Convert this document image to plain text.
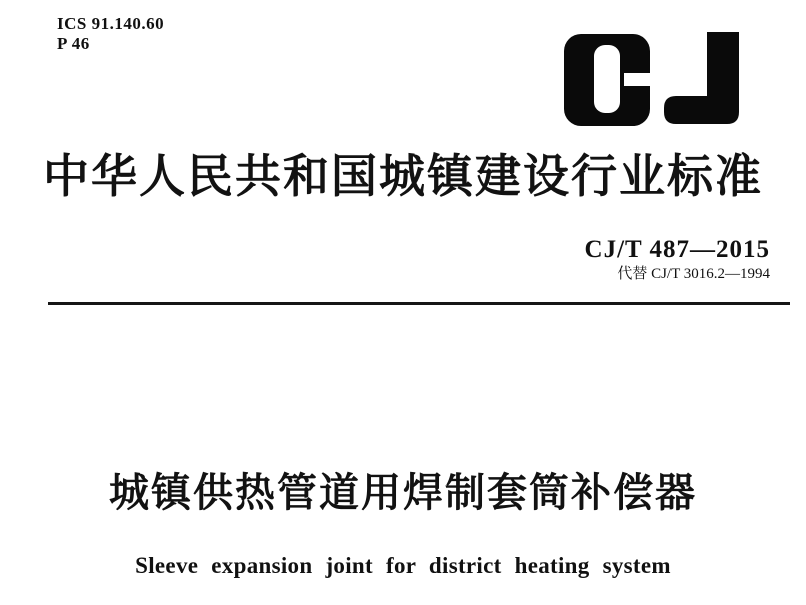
ICS 91.140.60
P 46
中华人民共和国城镇建设行业标准
CJ/T 487—2015
代替 CJ/T 3016.2—1994
城镇供热管道用焊制套筒补偿器
Sleeve expansion joint for district heating system
